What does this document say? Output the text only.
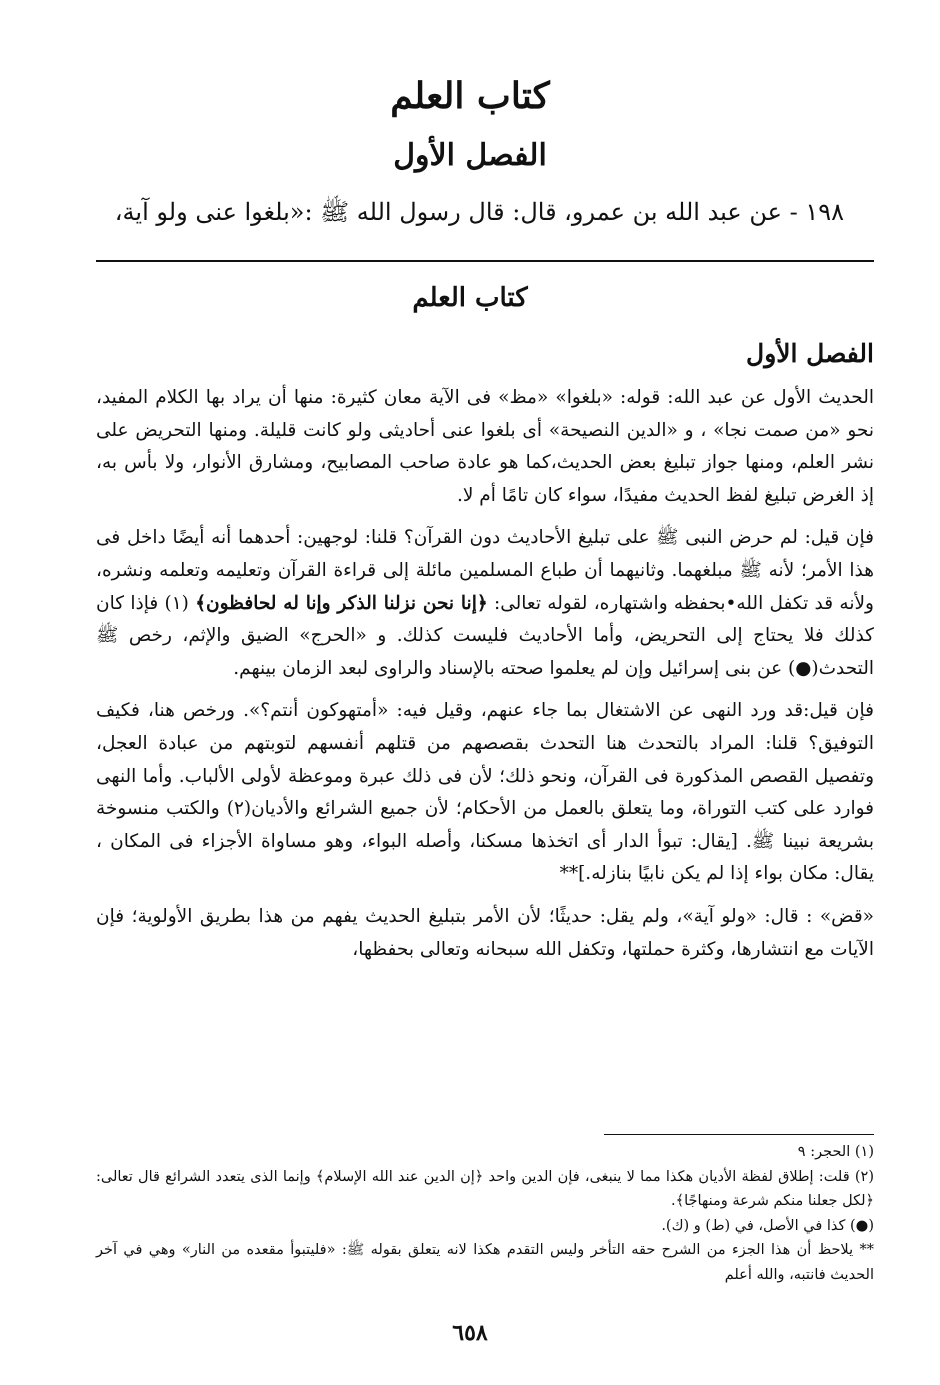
كتاب العلم
الفصل الأول
١٩٨ - عن عبد الله بن عمرو، قال: قال رسول الله ﷺ :«بلغوا عنى ولو آية،
كتاب العلم
الفصل الأول

الحديث الأول عن عبد الله: قوله: «بلغوا» «مظ» فى الآية معان كثيرة: منها أن يراد بها الكلام المفيد، نحو «من صمت نجا» ، و «الدين النصيحة» أى بلغوا عنى أحاديثى ولو كانت قليلة. ومنها التحريض على نشر العلم، ومنها جواز تبليغ بعض الحديث،كما هو عادة صاحب المصابيح، ومشارق الأنوار، ولا بأس به، إذ الغرض تبليغ لفظ الحديث مفيدًا، سواء كان تامًا أم لا.

فإن قيل: لم حرض النبى ﷺ على تبليغ الأحاديث دون القرآن؟ قلنا: لوجهين: أحدهما أنه أيضًا داخل فى هذا الأمر؛ لأنه ﷺ مبلغهما. وثانيهما أن طباع المسلمين مائلة إلى قراءة القرآن وتعليمه وتعلمه ونشره، ولأنه قد تكفل الله•بحفظه واشتهاره، لقوله تعالى: ﴿إنا نحن نزلنا الذكر وإنا له لحافظون﴾ (١) فإذا كان كذلك فلا يحتاج إلى التحريض، وأما الأحاديث فليست كذلك. و «الحرج» الضيق والإثم، رخص ﷺ التحدث(●) عن بنى إسرائيل وإن لم يعلموا صحته بالإسناد والراوى لبعد الزمان بينهم.

فإن قيل:قد ورد النهى عن الاشتغال بما جاء عنهم، وقيل فيه: «أمتهوكون أنتم؟». ورخص هنا، فكيف التوفيق؟ قلنا: المراد بالتحدث هنا التحدث بقصصهم من قتلهم أنفسهم لتوبتهم من عبادة العجل، وتفصيل القصص المذكورة فى القرآن، ونحو ذلك؛ لأن فى ذلك عبرة وموعظة لأولى الألباب. وأما النهى فوارد على كتب التوراة، وما يتعلق بالعمل من الأحكام؛ لأن جميع الشرائع والأديان(٢) والكتب منسوخة بشريعة نبينا ﷺ. [يقال: تبوأ الدار أى اتخذها مسكنا، وأصله البواء، وهو مساواة الأجزاء فى المكان ، يقال: مكان بواء إذا لم يكن نابيًا بنازله.]**

«قض» : قال: «ولو آية»، ولم يقل: حديثًا؛ لأن الأمر بتبليغ الحديث يفهم من هذا بطريق الأولوية؛ فإن الآيات مع انتشارها، وكثرة حملتها، وتكفل الله سبحانه وتعالى بحفظها،

(١) الحجر: ٩

(٢) قلت: إطلاق لفظة الأديان هكذا مما لا ينبغى، فإن الدين واحد ﴿إن الدين عند الله الإسلام﴾ وإنما الذى يتعدد الشرائع قال تعالى: ﴿لكل جعلنا منكم شرعة ومنهاجًا﴾.

(●) كذا في الأصل، في (ط) و (ك).

** يلاحظ أن هذا الجزء من الشرح حقه التأخر وليس التقدم هكذا لانه يتعلق بقوله ﷺ: «فليتبوأ مقعده من النار» وهي في آخر الحديث فانتبه، والله أعلم

٦٥٨
